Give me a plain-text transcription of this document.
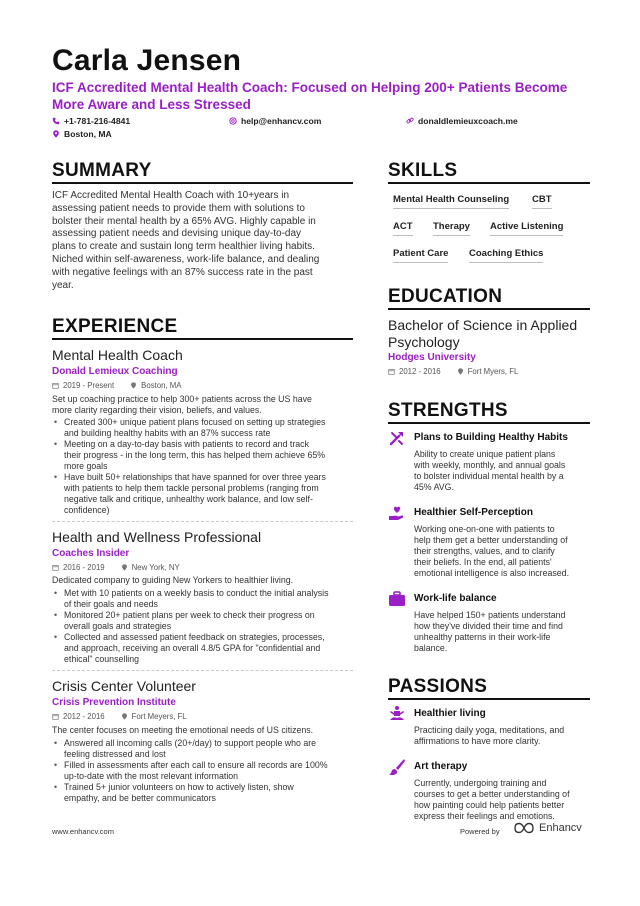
Carla Jensen
ICF Accredited Mental Health Coach: Focused on Helping 200+ Patients Become More Aware and Less Stressed
+1-781-216-4841	help@enhancv.com	donaldlemieuxcoach.me
Boston, MA
SUMMARY
ICF Accredited Mental Health Coach with 10+years in
assessing patient needs to provide them with solutions to
bolster their mental health by a 65% AVG. Highly capable in
assessing patient needs and devising unique day-to-day
plans to create and sustain long term healthier living habits.
Niched within self-awareness, work-life balance, and dealing
with negative feelings with an 87% success rate in the past
year.
EXPERIENCE
Mental Health Coach
Donald Lemieux Coaching
2019 - Present	Boston, MA
Set up coaching practice to help 300+ patients across the US have
more clarity regarding their vision, beliefs, and values.
• Created 300+ unique patient plans focused on setting up strategies
and building healthy habits with an 87% success rate
• Meeting on a day-to-day basis with patients to record and track
their progress - in the long term, this has helped them achieve 65%
more goals
• Have built 50+ relationships that have spanned for over three years
with patients to help them tackle personal problems (ranging from
negative talk and critique, unhealthy work balance, and low self-
confidence)
Health and Wellness Professional
Coaches Insider
2016 - 2019	New York, NY
Dedicated company to guiding New Yorkers to healthier living.
• Met with 10 patients on a weekly basis to conduct the initial analysis
of their goals and needs
• Monitored 20+ patient plans per week to check their progress on
overall goals and strategies
• Collected and assessed patient feedback on strategies, processes,
and approach, receiving an overall 4.8/5 GPA for "confidential and
ethical" counselling
Crisis Center Volunteer
Crisis Prevention Institute
2012 - 2016	Fort Meyers, FL
The center focuses on meeting the emotional needs of US citizens.
• Answered all incoming calls (20+/day) to support people who are
feeling distressed and lost
• Filled in assessments after each call to ensure all records are 100%
up-to-date with the most relevant information
• Trained 5+ junior volunteers on how to actively listen, show
empathy, and be better communicators
SKILLS
Mental Health Counseling CBT
ACT Therapy Active Listening
Patient Care Coaching Ethics
EDUCATION
Bachelor of Science in Applied Psychology
Hodges University
2012 - 2016	Fort Myers, FL
STRENGTHS
Plans to Building Healthy Habits
Ability to create unique patient plans
with weekly, monthly, and annual goals
to bolster individual mental health by a
45% AVG.
Healthier Self-Perception
Working one-on-one with patients to
help them get a better understanding of
their strengths, values, and to clarify
their beliefs. In the end, all patients'
emotional intelligence is also increased.
Work-life balance
Have helped 150+ patients understand
how they've divided their time and find
unhealthy patterns in their work-life
balance.
PASSIONS
Healthier living
Practicing daily yoga, meditations, and
affirmations to have more clarity.
Art therapy
Currently, undergoing training and
courses to get a better understanding of
how painting could help patients better
express their feelings and emotions.
www.enhancv.com	Powered by	Enhancv
